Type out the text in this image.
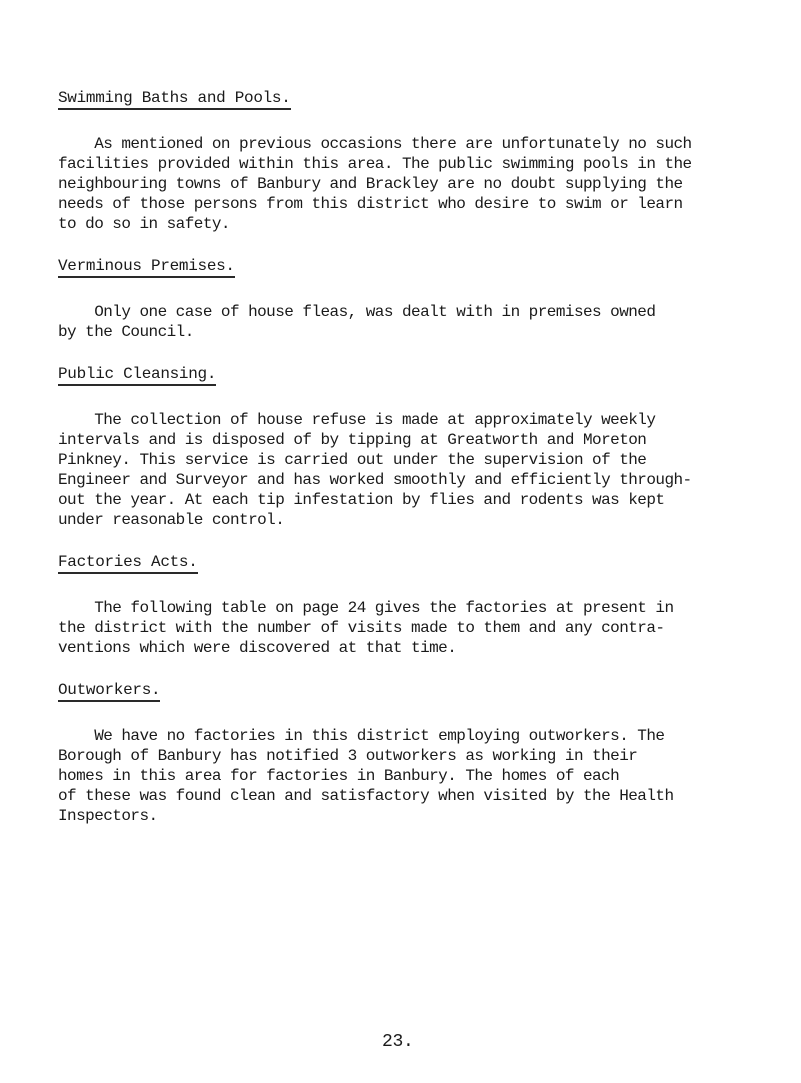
Swimming Baths and Pools.
As mentioned on previous occasions there are unfortunately no such
facilities provided within this area. The public swimming pools in the
neighbouring towns of Banbury and Brackley are no doubt supplying the
needs of those persons from this district who desire to swim or learn
to do so in safety.
Verminous Premises.
Only one case of house fleas, was dealt with in premises owned
by the Council.
Public Cleansing.
The collection of house refuse is made at approximately weekly
intervals and is disposed of by tipping at Greatworth and Moreton
Pinkney. This service is carried out under the supervision of the
Engineer and Surveyor and has worked smoothly and efficiently through-
out the year. At each tip infestation by flies and rodents was kept
under reasonable control.
Factories Acts.
The following table on page 24 gives the factories at present in
the district with the number of visits made to them and any contra-
ventions which were discovered at that time.
Outworkers.
We have no factories in this district employing outworkers. The
Borough of Banbury has notified 3 outworkers as working in their
homes in this area for factories in Banbury. The homes of each
of these was found clean and satisfactory when visited by the Health
Inspectors.
23.
